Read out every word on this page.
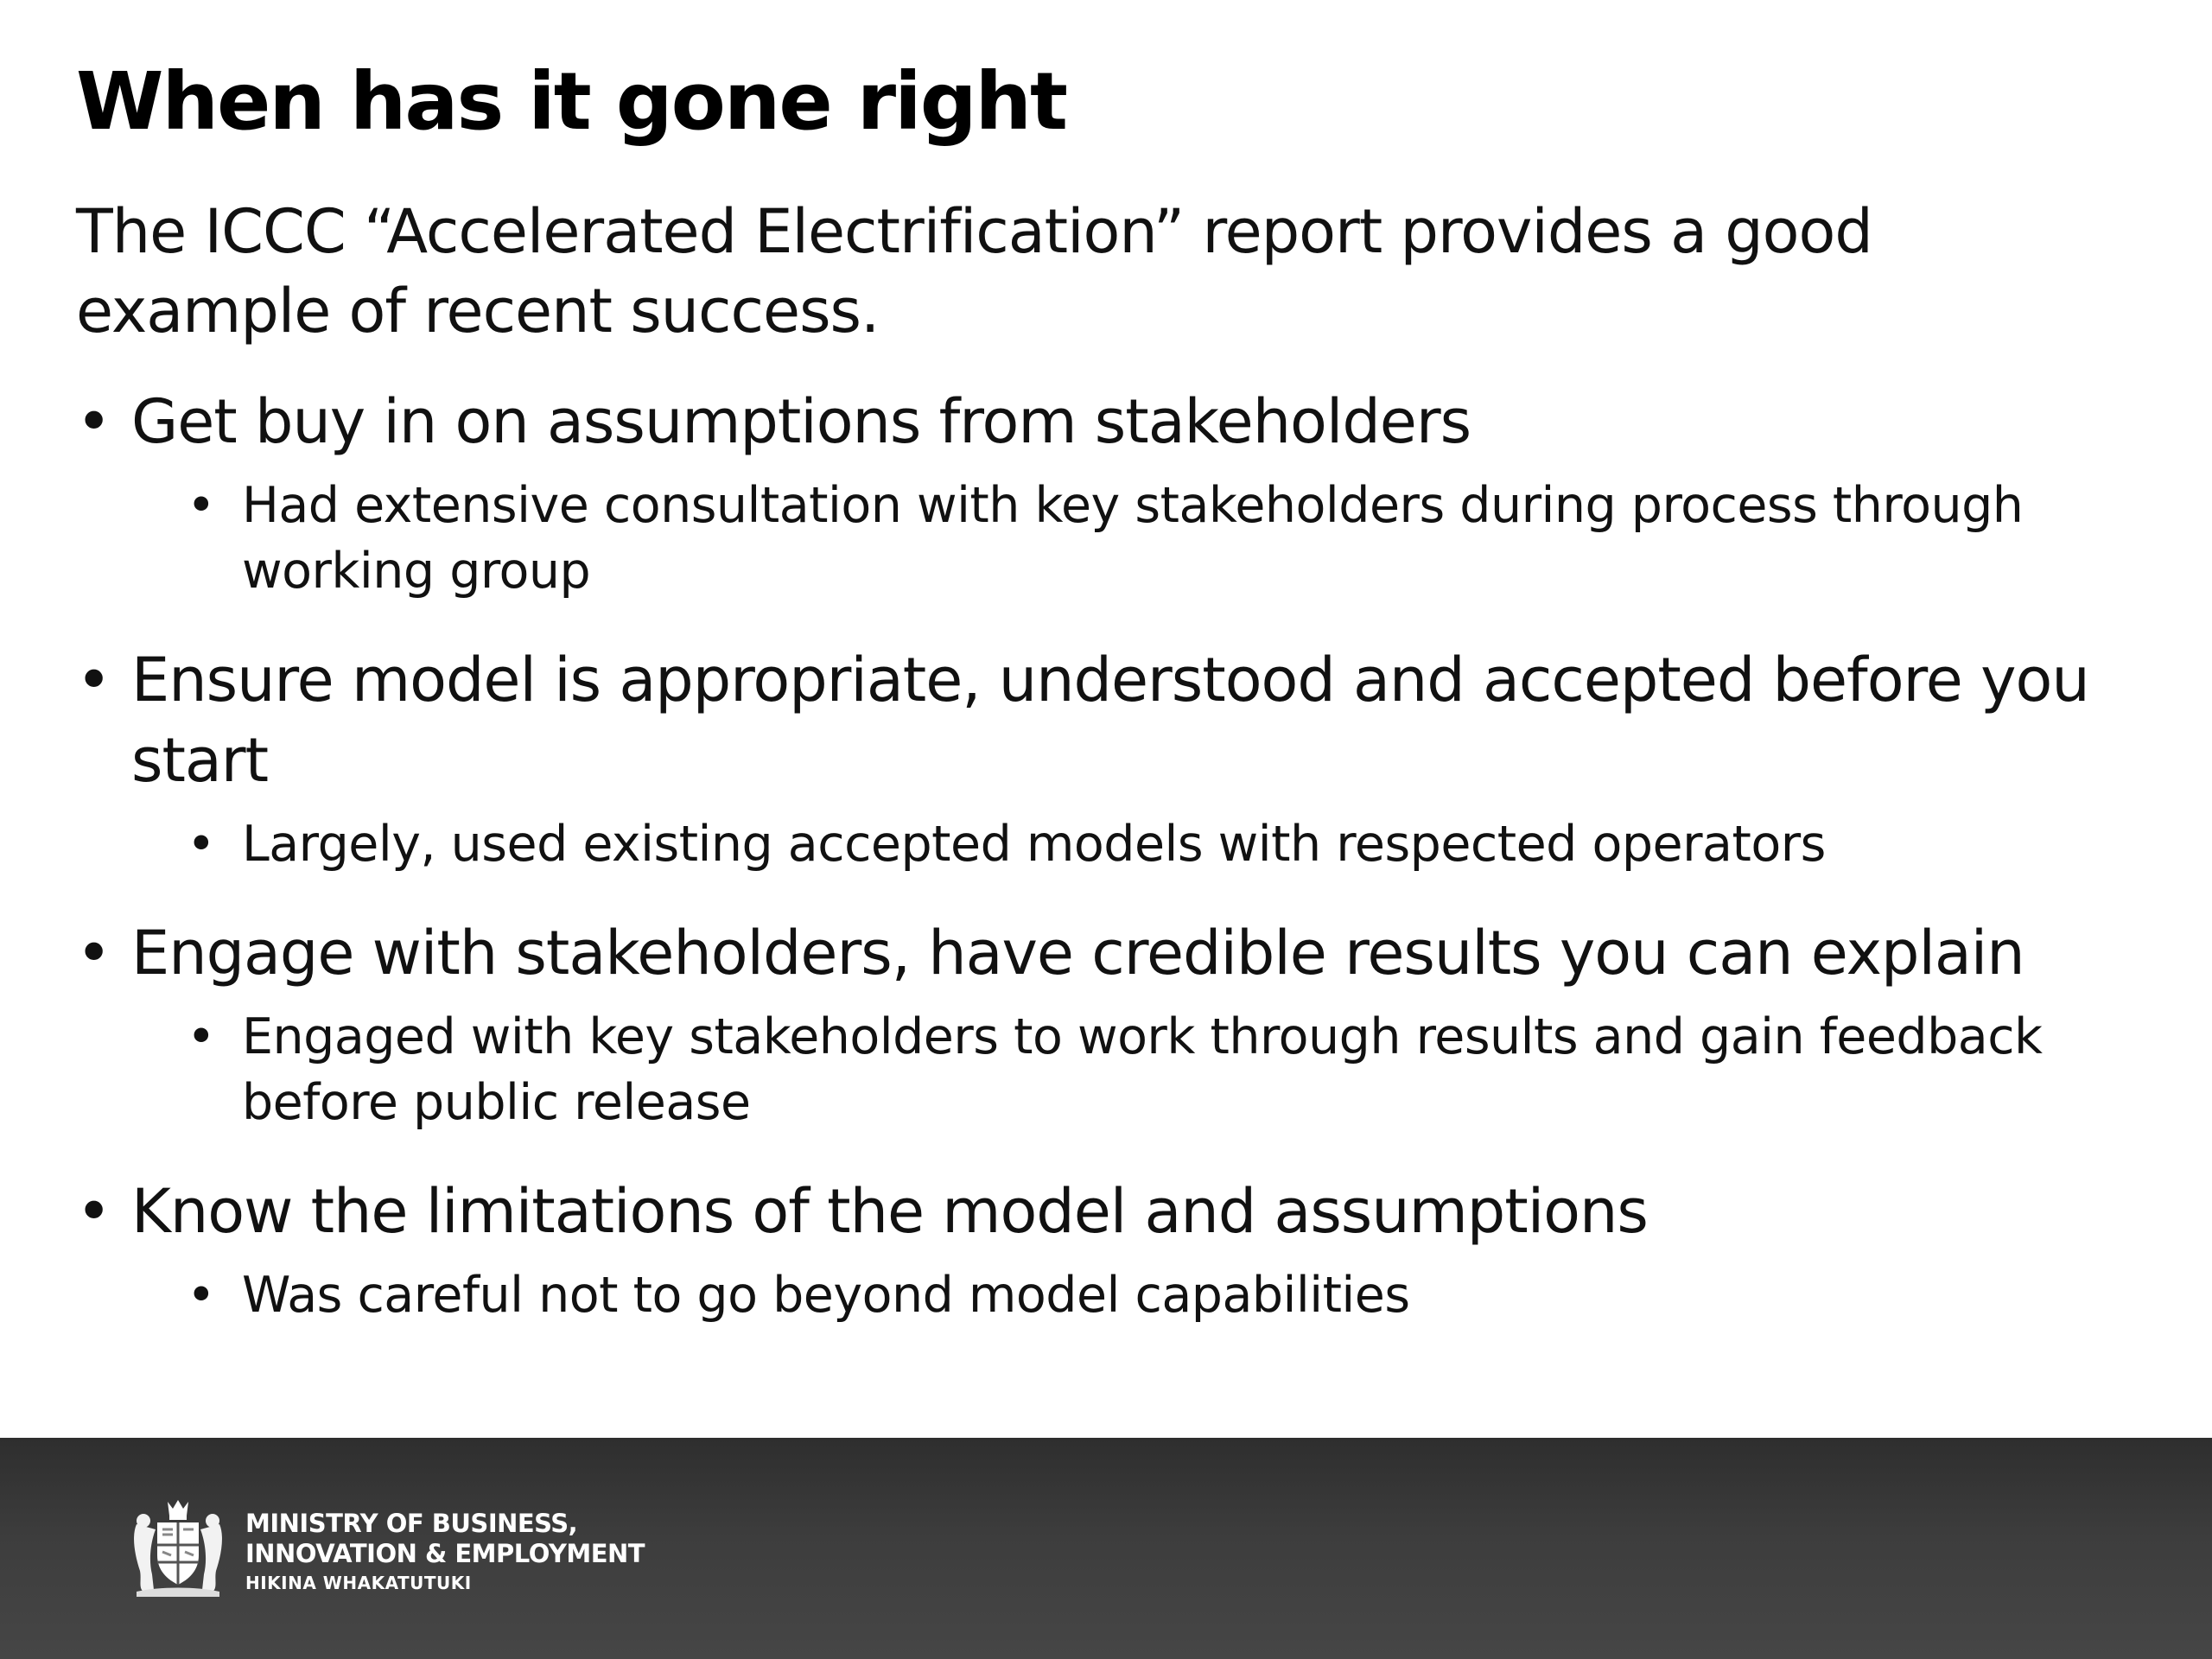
When has it gone right

The ICCC “Accelerated Electrification” report provides a good example of recent success.

• Get buy in on assumptions from stakeholders
• Had extensive consultation with key stakeholders during process through working group
• Ensure model is appropriate, understood and accepted before you start
• Largely, used existing accepted models with respected operators
• Engage with stakeholders, have credible results you can explain
• Engaged with key stakeholders to work through results and gain feedback before public release
• Know the limitations of the model and assumptions
• Was careful not to go beyond model capabilities
MINISTRY OF BUSINESS,
INNOVATION & EMPLOYMENT
HIKINA WHAKATUTUKI
